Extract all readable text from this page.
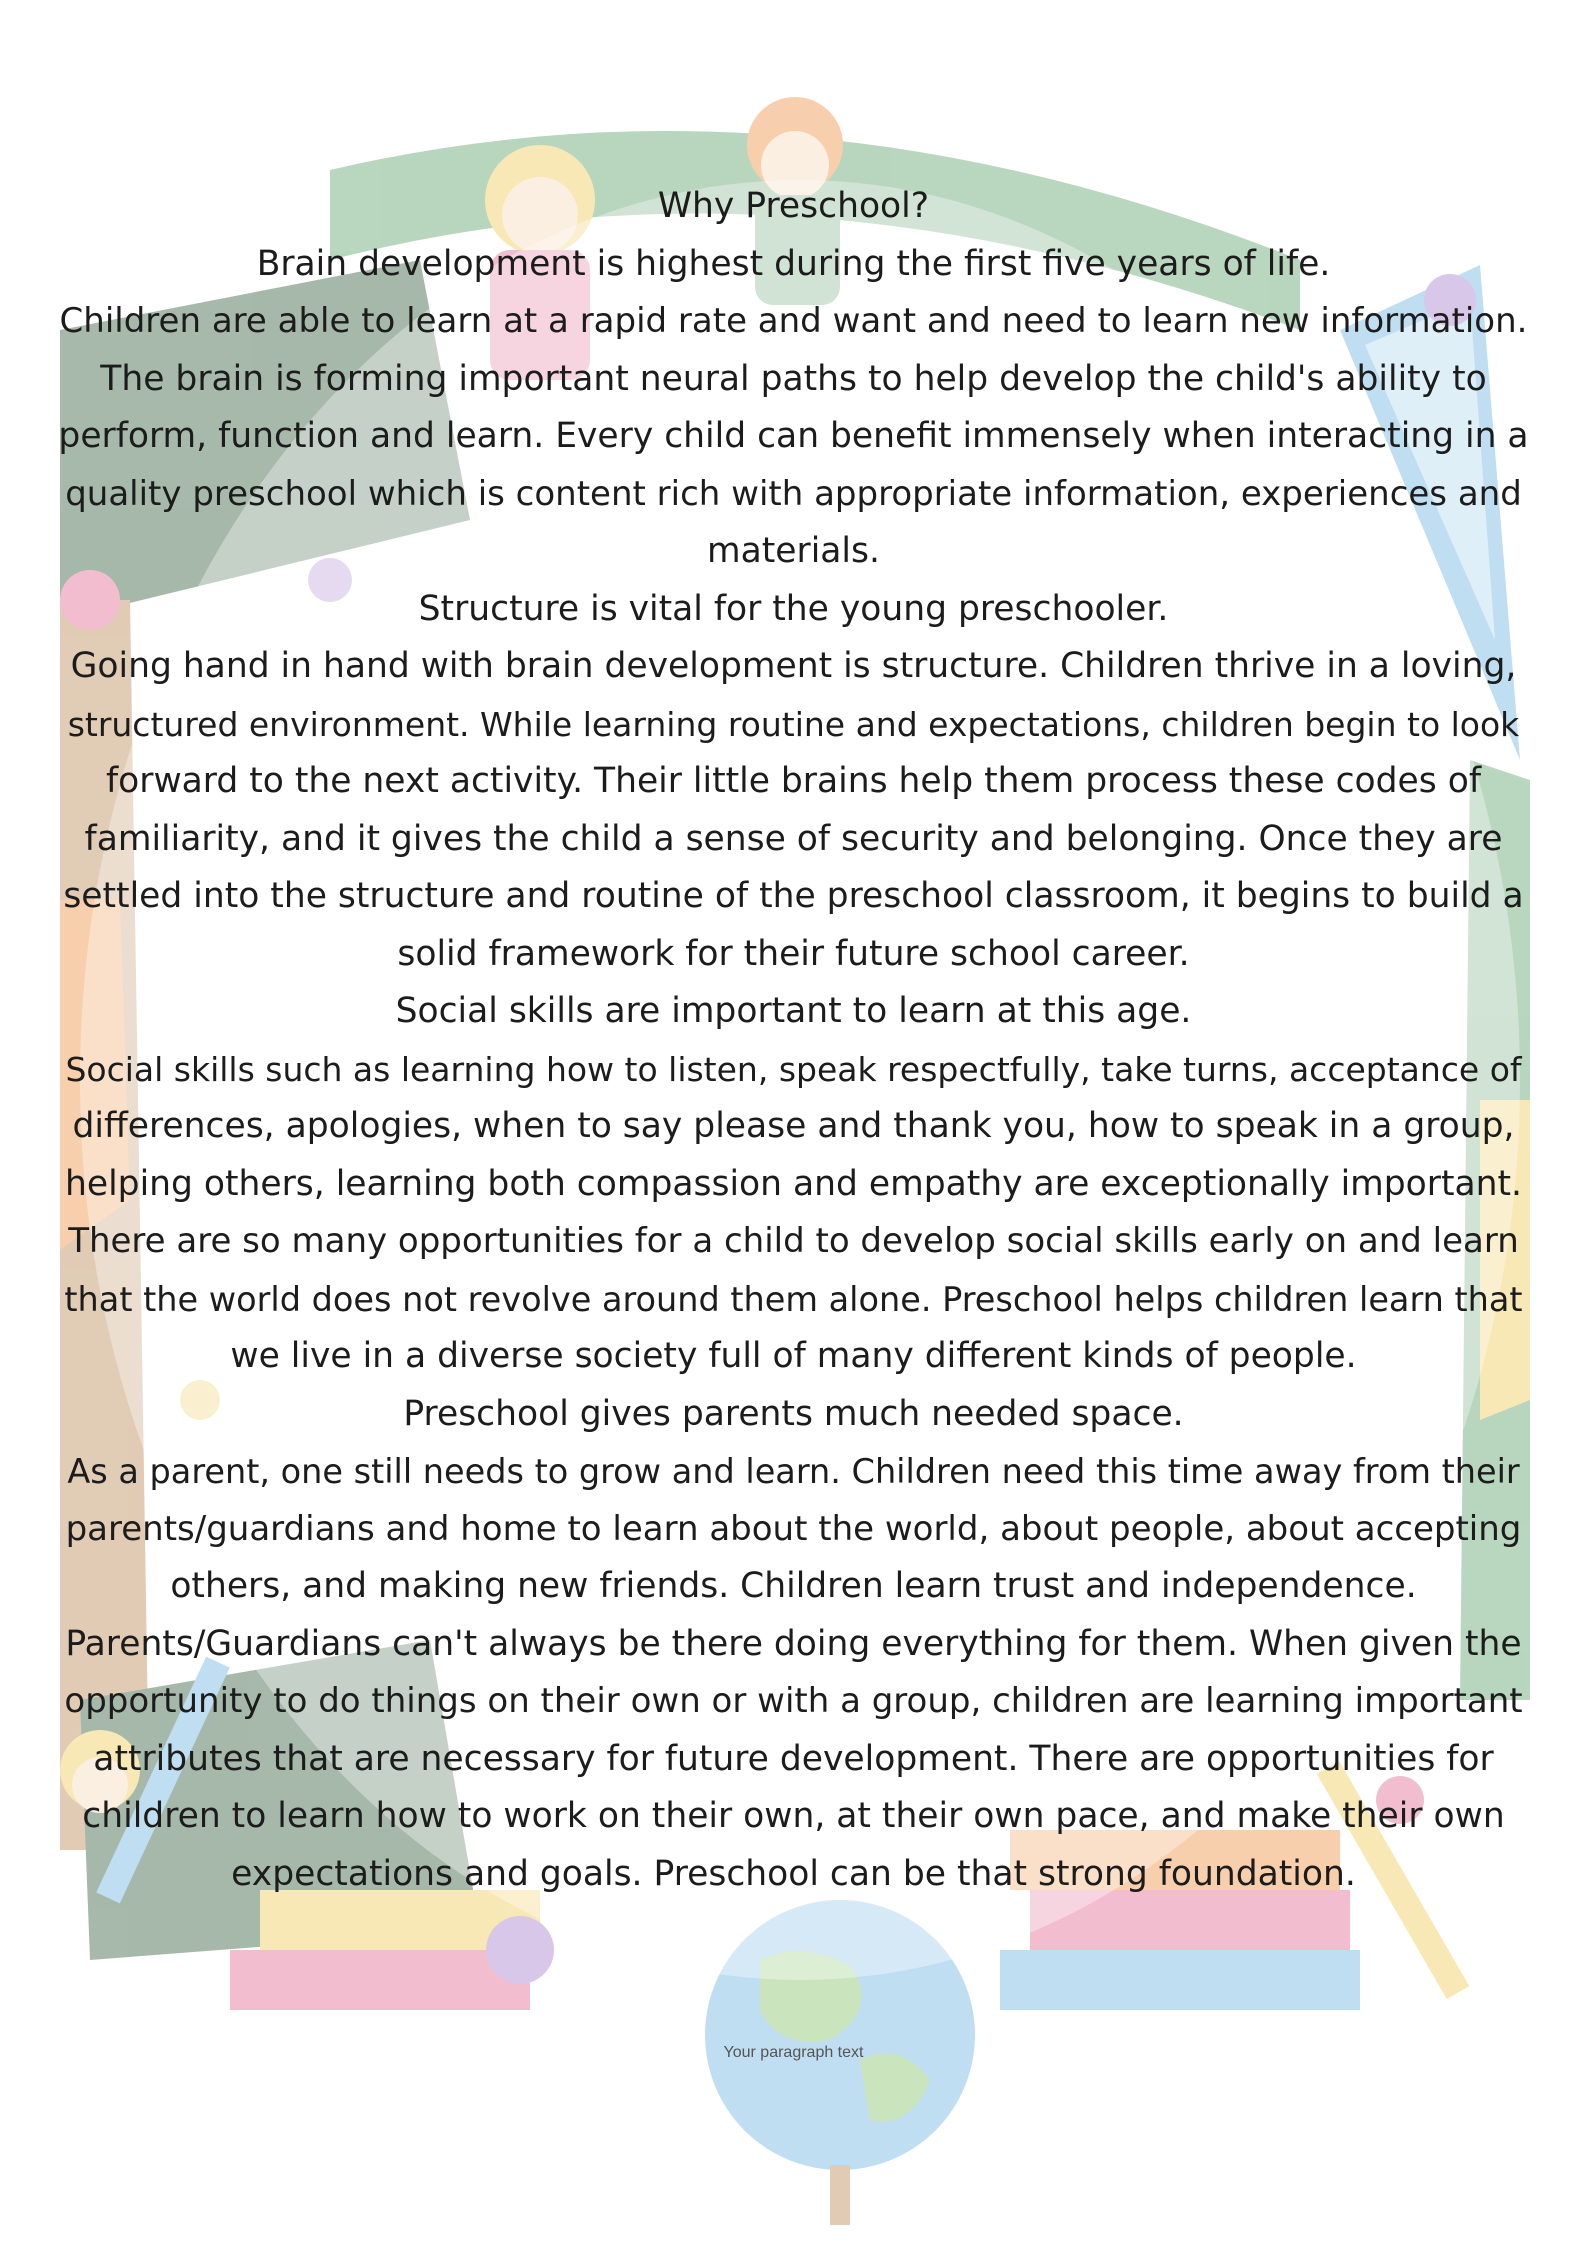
Why Preschool?
Brain development is highest during the first five years of life.
Children are able to learn at a rapid rate and want and need to learn new information.
The brain is forming important neural paths to help develop the child's ability to
perform, function and learn. Every child can benefit immensely when interacting in a
quality preschool which is content rich with appropriate information, experiences and
materials.
Structure is vital for the young preschooler.
Going hand in hand with brain development is structure. Children thrive in a loving,
structured environment. While learning routine and expectations, children begin to look
forward to the next activity. Their little brains help them process these codes of
familiarity, and it gives the child a sense of security and belonging. Once they are
settled into the structure and routine of the preschool classroom, it begins to build a
solid framework for their future school career.
Social skills are important to learn at this age.
Social skills such as learning how to listen, speak respectfully, take turns, acceptance of
differences, apologies, when to say please and thank you, how to speak in a group,
helping others, learning both compassion and empathy are exceptionally important.
There are so many opportunities for a child to develop social skills early on and learn
that the world does not revolve around them alone. Preschool helps children learn that
we live in a diverse society full of many different kinds of people.
Preschool gives parents much needed space.
As a parent, one still needs to grow and learn. Children need this time away from their
parents/guardians and home to learn about the world, about people, about accepting
others, and making new friends. Children learn trust and independence.
Parents/Guardians can't always be there doing everything for them. When given the
opportunity to do things on their own or with a group, children are learning important
attributes that are necessary for future development. There are opportunities for
children to learn how to work on their own, at their own pace, and make their own
expectations and goals. Preschool can be that strong foundation.
Your paragraph text
